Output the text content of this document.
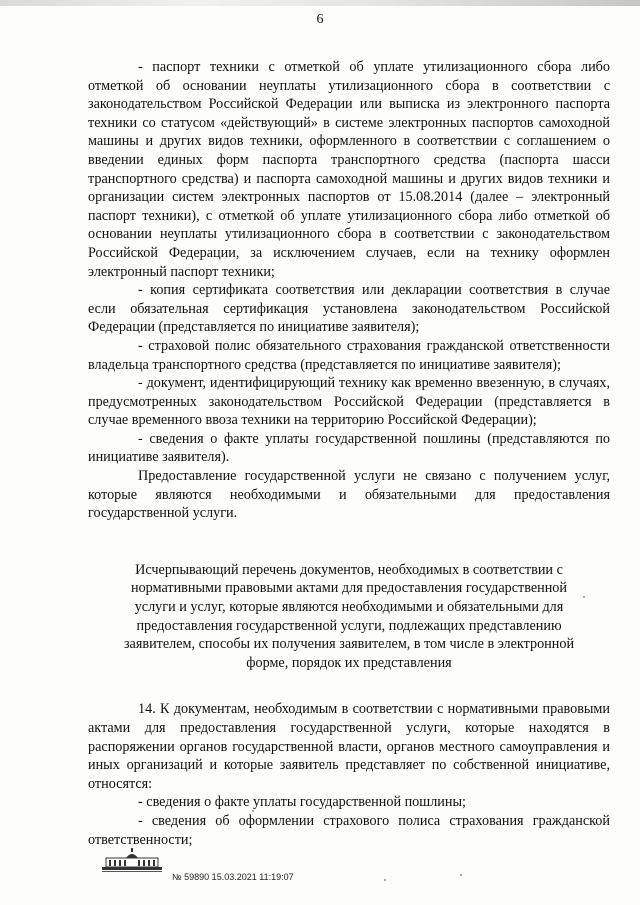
6

- паспорт техники с отметкой об уплате утилизационного сбора либо отметкой об основании неуплаты утилизационного сбора в соответствии с законодательством Российской Федерации или выписка из электронного паспорта техники со статусом «действующий» в системе электронных паспортов самоходной машины и других видов техники, оформленного в соответствии с соглашением о введении единых форм паспорта транспортного средства (паспорта шасси транспортного средства) и паспорта самоходной машины и других видов техники и организации систем электронных паспортов от 15.08.2014 (далее – электронный паспорт техники), с отметкой об уплате утилизационного сбора либо отметкой об основании неуплаты утилизационного сбора в соответствии с законодательством Российской Федерации, за исключением случаев, если на технику оформлен электронный паспорт техники;

- копия сертификата соответствия или декларации соответствия в случае если обязательная сертификация установлена законодательством Российской Федерации (представляется по инициативе заявителя);

- страховой полис обязательного страхования гражданской ответственности владельца транспортного средства (представляется по инициативе заявителя);

- документ, идентифицирующий технику как временно ввезенную, в случаях, предусмотренных законодательством Российской Федерации (представляется в случае временного ввоза техники на территорию Российской Федерации);

- сведения о факте уплаты государственной пошлины (представляются по инициативе заявителя).

Предоставление государственной услуги не связано с получением услуг, которые являются необходимыми и обязательными для предоставления государственной услуги.

Исчерпывающий перечень документов, необходимых в соответствии с нормативными правовыми актами для предоставления государственной услуги и услуг, которые являются необходимыми и обязательными для предоставления государственной услуги, подлежащих представлению заявителем, способы их получения заявителем, в том числе в электронной форме, порядок их представления

14. К документам, необходимым в соответствии с нормативными правовыми актами для предоставления государственной услуги, которые находятся в распоряжении органов государственной власти, органов местного самоуправления и иных организаций и которые заявитель представляет по собственной инициативе, относятся:

- сведения о факте уплаты государственной пошлины;

- сведения об оформлении страхового полиса страхования гражданской ответственности;

№ 59890 15.03.2021 11:19:07
